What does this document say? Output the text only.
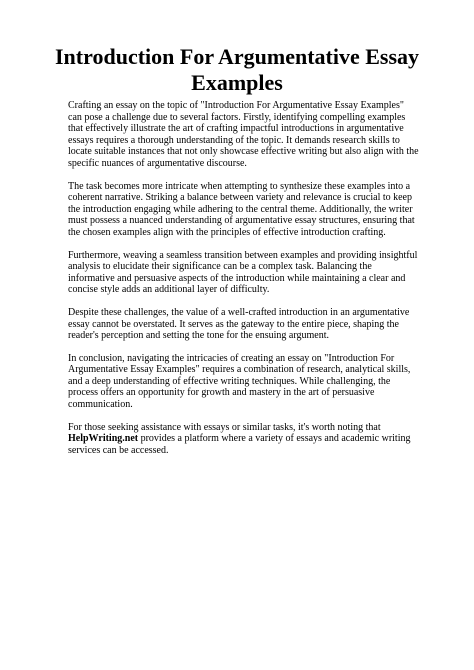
Introduction For Argumentative Essay Examples

Crafting an essay on the topic of "Introduction For Argumentative Essay Examples" can pose a challenge due to several factors. Firstly, identifying compelling examples that effectively illustrate the art of crafting impactful introductions in argumentative essays requires a thorough understanding of the topic. It demands research skills to locate suitable instances that not only showcase effective writing but also align with the specific nuances of argumentative discourse.

The task becomes more intricate when attempting to synthesize these examples into a coherent narrative. Striking a balance between variety and relevance is crucial to keep the introduction engaging while adhering to the central theme. Additionally, the writer must possess a nuanced understanding of argumentative essay structures, ensuring that the chosen examples align with the principles of effective introduction crafting.

Furthermore, weaving a seamless transition between examples and providing insightful analysis to elucidate their significance can be a complex task. Balancing the informative and persuasive aspects of the introduction while maintaining a clear and concise style adds an additional layer of difficulty.

Despite these challenges, the value of a well-crafted introduction in an argumentative essay cannot be overstated. It serves as the gateway to the entire piece, shaping the reader's perception and setting the tone for the ensuing argument.

In conclusion, navigating the intricacies of creating an essay on "Introduction For Argumentative Essay Examples" requires a combination of research, analytical skills, and a deep understanding of effective writing techniques. While challenging, the process offers an opportunity for growth and mastery in the art of persuasive communication.

For those seeking assistance with essays or similar tasks, it's worth noting that HelpWriting.net provides a platform where a variety of essays and academic writing services can be accessed.
